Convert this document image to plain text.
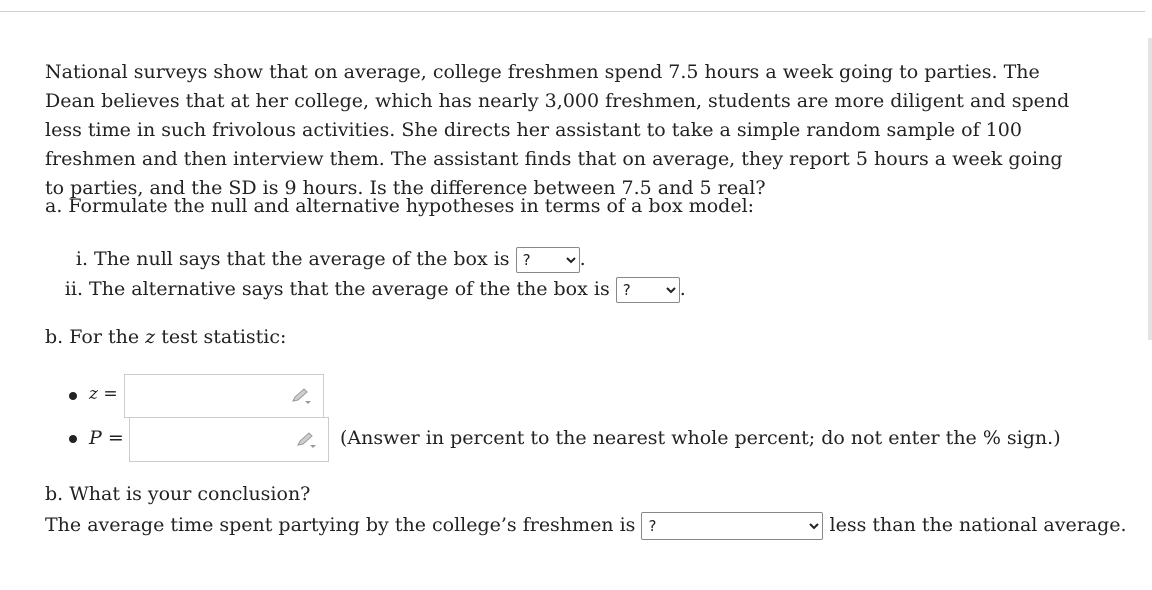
National surveys show that on average, college freshmen spend 7.5 hours a week going to parties. The Dean believes that at her college, which has nearly 3,000 freshmen, students are more diligent and spend less time in such frivolous activities. She directs her assistant to take a simple random sample of 100 freshmen and then interview them. The assistant finds that on average, they report 5 hours a week going to parties, and the SD is 9 hours. Is the difference between 7.5 and 5 real?

a. Formulate the null and alternative hypotheses in terms of a box model:
i. The null says that the average of the box is
?	.
ii. The alternative says that the average of the the box is
?	.
b. For the z test statistic:
z =
P =	(Answer in percent to the nearest whole percent; do not enter the % sign.)
b. What is your conclusion?
The average time spent partying by the college’s freshmen is
?	less than the national average.
